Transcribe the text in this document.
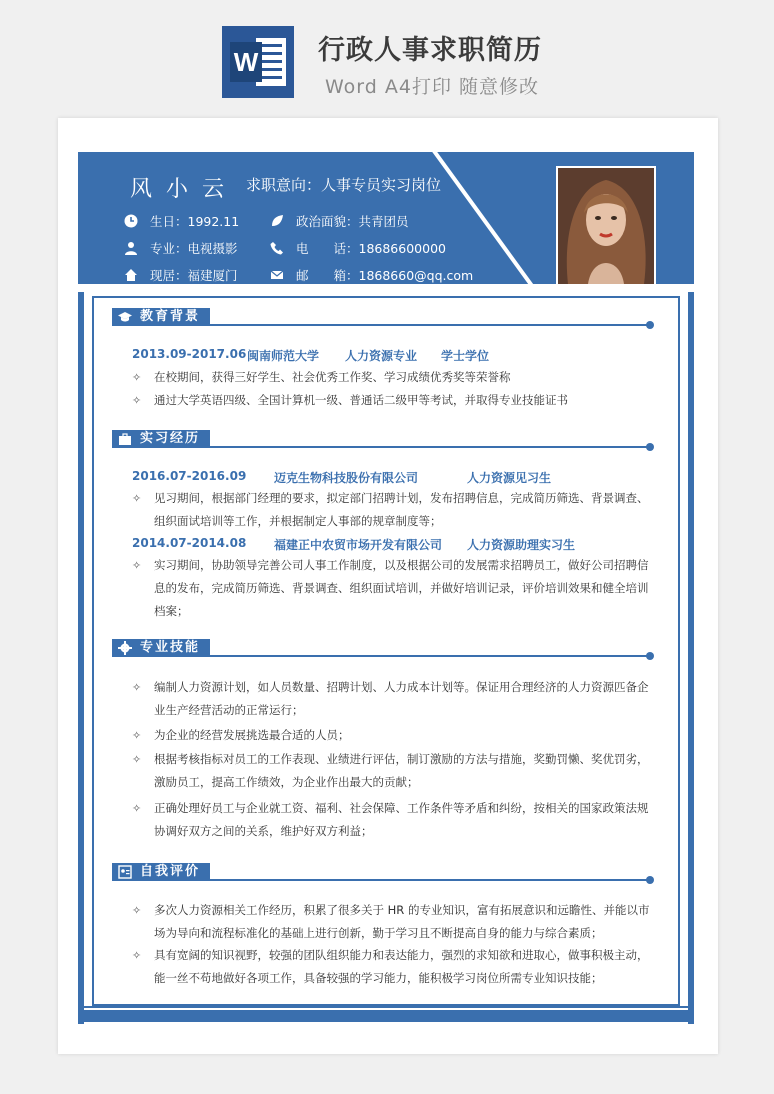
W 行政人事求职简历
Word A4打印 随意修改
风小云 求职意向：人事专员实习岗位
生日：1992.11	政治面貌：共青团员
专业：电视摄影	电　　话：18686600000
现居：福建厦门	邮　　箱：1868660@qq.com
教育背景
2013.09-2017.06 闽南师范大学	人力资源专业	学士学位
✧	在校期间，获得三好学生、社会优秀工作奖、学习成绩优秀奖等荣誉称
✧	通过大学英语四级、全国计算机一级、普通话二级甲等考试，并取得专业技能证书
实习经历
2016.07-2016.09	迈克生物科技股份有限公司	人力资源见习生
✧	见习期间，根据部门经理的要求，拟定部门招聘计划，发布招聘信息，完成简历筛选、背景调查、组织面试培训等工作，并根据制定人事部的规章制度等；
2014.07-2014.08	福建正中农贸市场开发有限公司	人力资源助理实习生
✧	实习期间，协助领导完善公司人事工作制度，以及根据公司的发展需求招聘员工，做好公司招聘信息的发布，完成简历筛选、背景调查、组织面试培训，并做好培训记录，评价培训效果和健全培训档案；
专业技能
✧	编制人力资源计划，如人员数量、招聘计划、人力成本计划等。保证用合理经济的人力资源匹备企业生产经营活动的正常运行；
✧	为企业的经营发展挑选最合适的人员；
✧	根据考核指标对员工的工作表现、业绩进行评估，制订激励的方法与措施，奖勤罚懒、奖优罚劣，激励员工，提高工作绩效，为企业作出最大的贡献；
✧	正确处理好员工与企业就工资、福利、社会保障、工作条件等矛盾和纠纷，按相关的国家政策法规协调好双方之间的关系，维护好双方利益；
自我评价
✧	多次人力资源相关工作经历，积累了很多关于 HR 的专业知识，富有拓展意识和远瞻性、并能以市场为导向和流程标准化的基础上进行创新，勤于学习且不断提高自身的能力与综合素质；
✧	具有宽阔的知识视野，较强的团队组织能力和表达能力，强烈的求知欲和进取心，做事积极主动，能一丝不苟地做好各项工作，具备较强的学习能力，能积极学习岗位所需专业知识技能；
